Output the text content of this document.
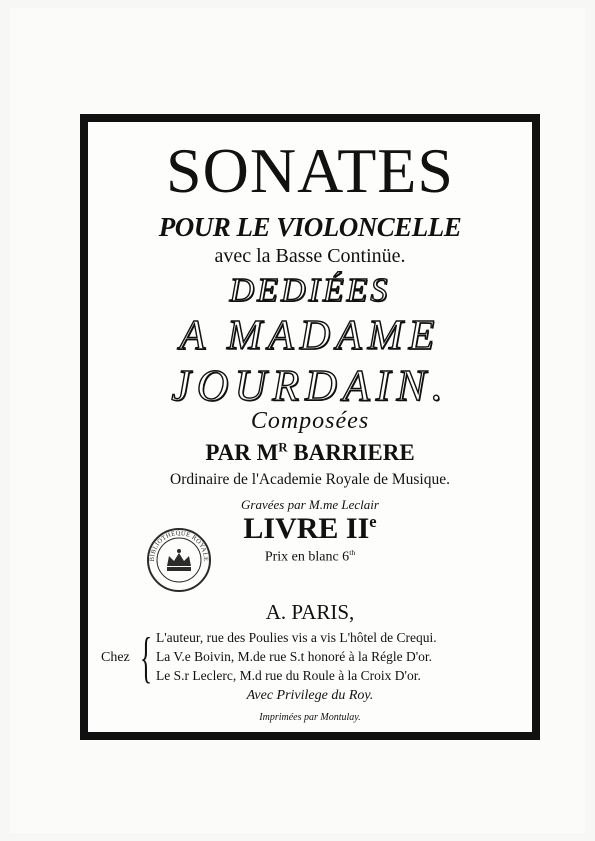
SONATES
POUR LE VIOLONCELLE
avec la Basse Continüe.
DEDIÉES
A MADAME
JOURDAIN.
Composées
PAR $M^R$ BARRIERE
Ordinaire de l'Academie Royale de Musique.
Gravées par M.me Leclair
LIVRE IIe
Prix en blanc 6th
BIBLIOTHEQUE ROYALE
A. PARIS,
Chez { L'auteur, rue des Poulies vis a vis L'hôtel de Crequi.
La V.e Boivin, M.de rue S.t honoré à la Régle D'or.
Le S.r Leclerc, M.d rue du Roule à la Croix D'or.
Avec Privilege du Roy.
Imprimées par Montulay.
